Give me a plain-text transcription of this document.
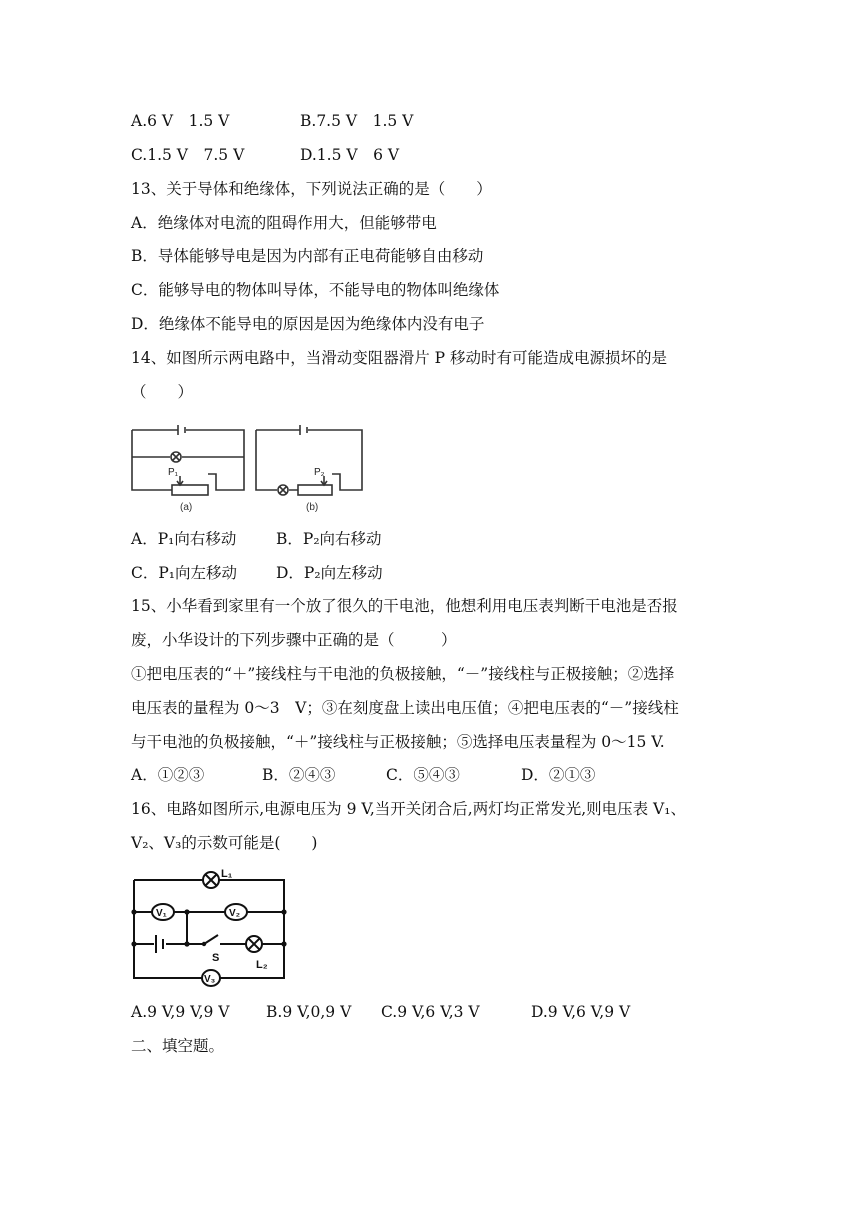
A.6 V　1.5 V	B.7.5 V　1.5 V
C.1.5 V　7.5 V	D.1.5 V　6 V
13、关于导体和绝缘体，下列说法正确的是（　　）
A．绝缘体对电流的阻碍作用大，但能够带电
B．导体能够导电是因为内部有正电荷能够自由移动
C．能够导电的物体叫导体，不能导电的物体叫绝缘体
D．绝缘体不能导电的原因是因为绝缘体内没有电子
14、如图所示两电路中，当滑动变阻器滑片 P 移动时有可能造成电源损坏的是
（　　）
P₁	P₂
(a)	(b)
A．P₁向右移动	B．P₂向右移动
C．P₁向左移动	D．P₂向左移动
15、小华看到家里有一个放了很久的干电池，他想利用电压表判断干电池是否报
废，小华设计的下列步骤中正确的是（　　　）
①把电压表的“＋”接线柱与干电池的负极接触，“－”接线柱与正极接触；②选择
电压表的量程为 0～3　V；③在刻度盘上读出电压值；④把电压表的“－”接线柱
与干电池的负极接触，“＋”接线柱与正极接触；⑤选择电压表量程为 0～15 V.
A．①②③	B．②④③	C．⑤④③	D．②①③
16、电路如图所示,电源电压为 9 V,当开关闭合后,两灯均正常发光,则电压表 V₁、
V₂、V₃的示数可能是(　　)
L₁
V₁	V₂
S
L₂
V₃
A.9 V,9 V,9 V B.9 V,0,9 V C.9 V,6 V,3 V	D.9 V,6 V,9 V
二、填空题。
